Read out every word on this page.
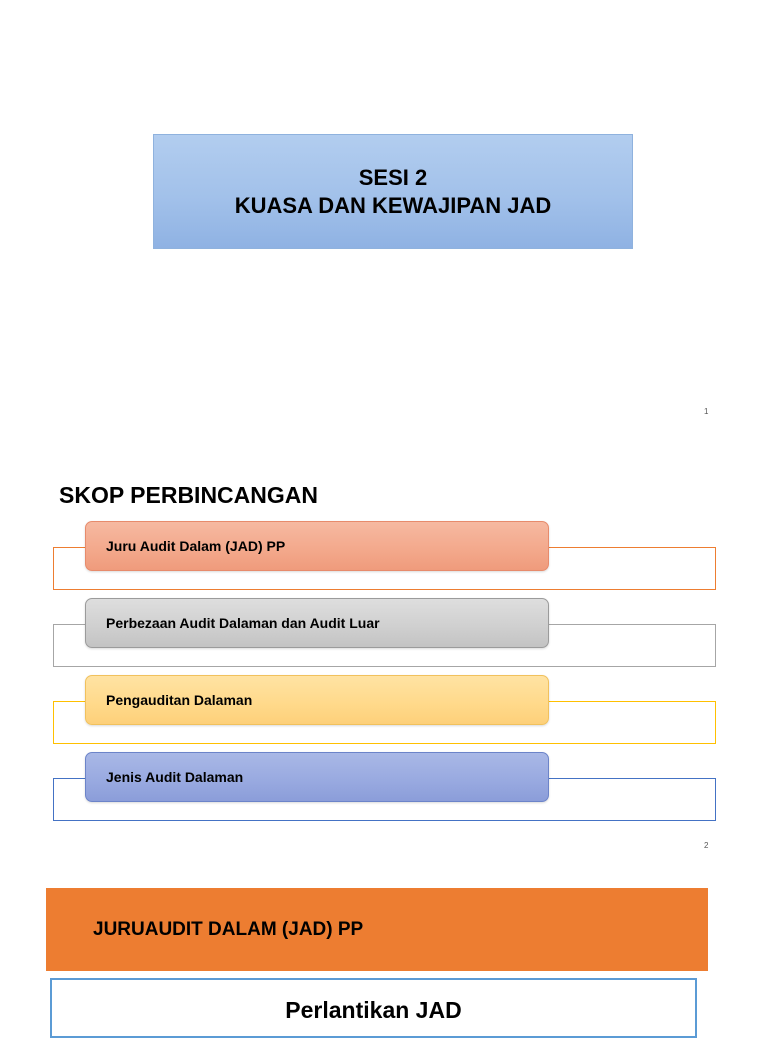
SESI 2
KUASA DAN KEWAJIPAN JAD
1
SKOP PERBINCANGAN
Juru Audit Dalam (JAD) PP
Perbezaan Audit Dalaman dan Audit Luar
Pengauditan Dalaman
Jenis Audit Dalaman
2
JURUAUDIT DALAM (JAD) PP
Perlantikan JAD
